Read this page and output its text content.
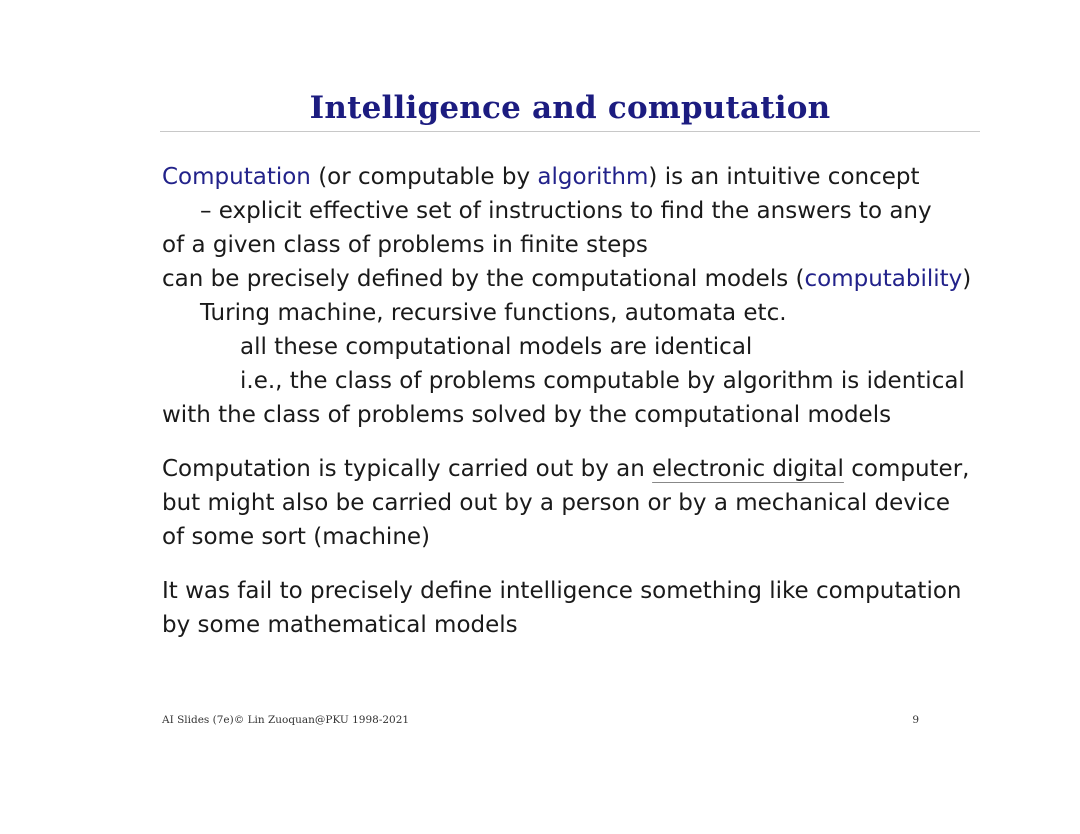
Intelligence and computation
Computation (or computable by algorithm) is an intuitive concept
– explicit effective set of instructions to find the answers to any
of a given class of problems in finite steps
can be precisely defined by the computational models (computability)
Turing machine, recursive functions, automata etc.
all these computational models are identical
i.e., the class of problems computable by algorithm is identical
with the class of problems solved by the computational models
Computation is typically carried out by an electronic digital computer,
but might also be carried out by a person or by a mechanical device
of some sort (machine)
It was fail to precisely define intelligence something like computation
by some mathematical models
AI Slides (7e)© Lin Zuoquan@PKU 1998-2021	9
